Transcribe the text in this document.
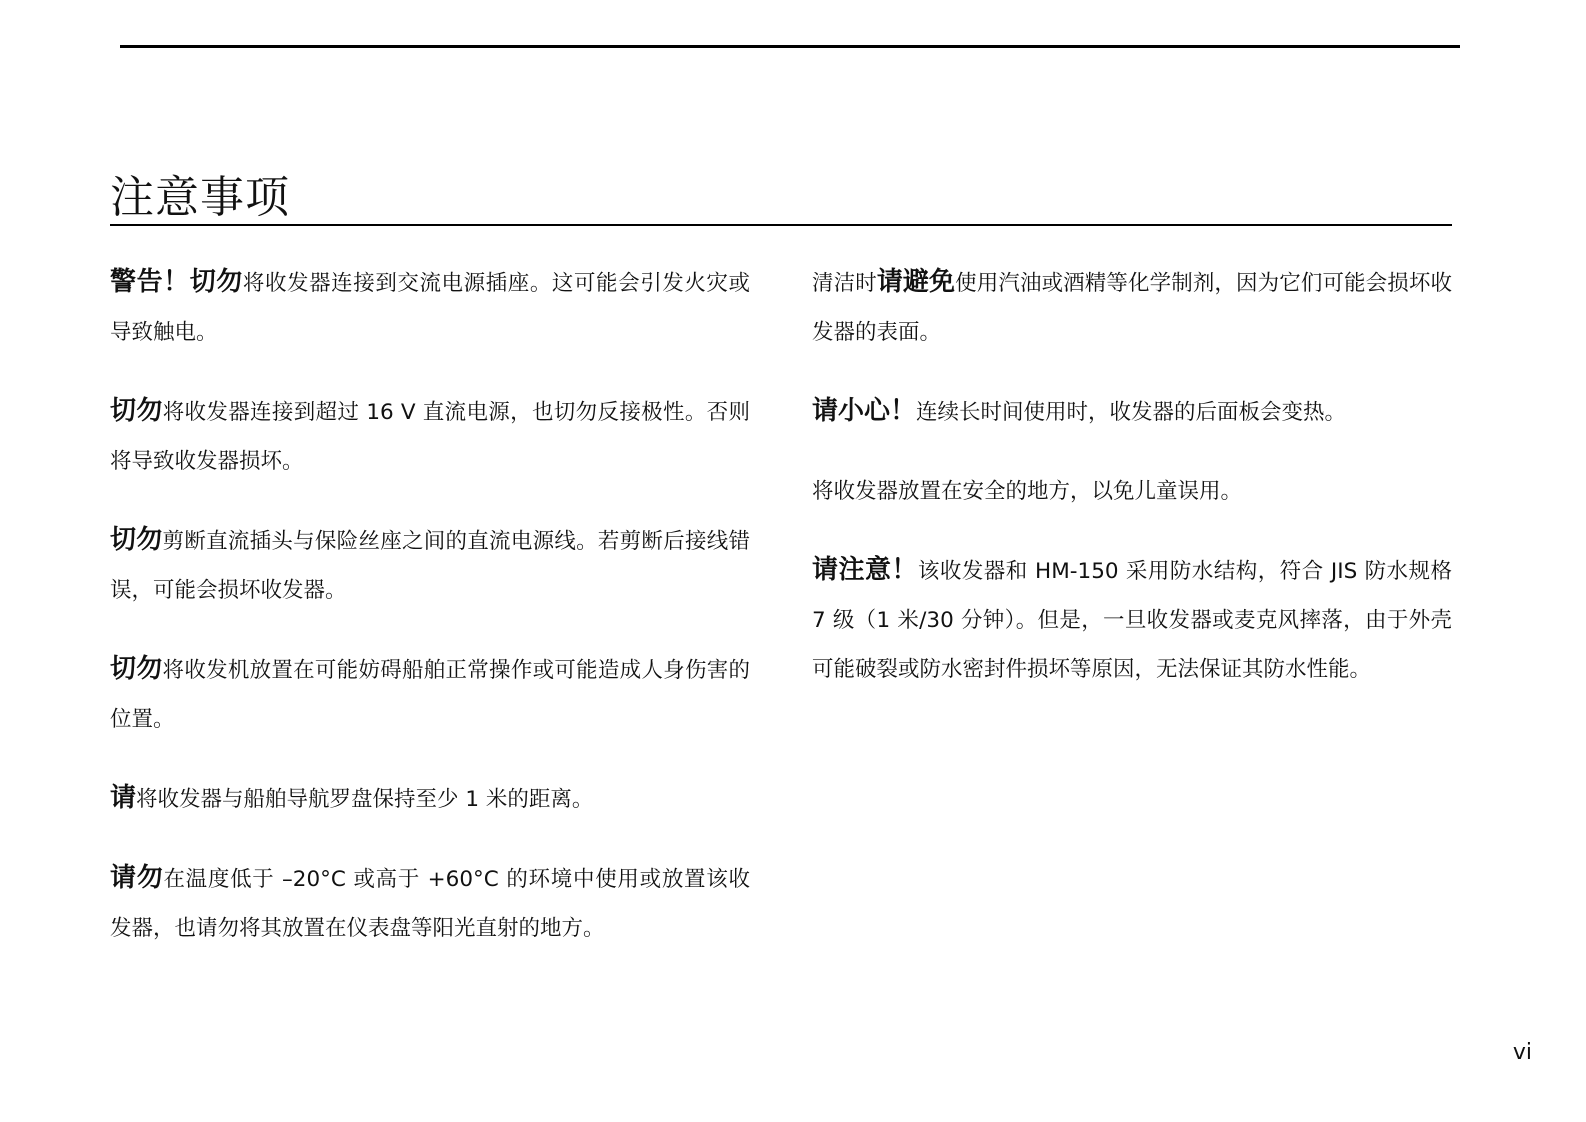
注意事项

警告！切勿将收发器连接到交流电源插座。这可能会引发火灾或导致触电。

切勿将收发器连接到超过 16 V 直流电源，也切勿反接极性。否则将导致收发器损坏。

切勿剪断直流插头与保险丝座之间的直流电源线。若剪断后接线错误，可能会损坏收发器。

切勿将收发机放置在可能妨碍船舶正常操作或可能造成人身伤害的位置。

请将收发器与船舶导航罗盘保持至少 1 米的距离。

请勿在温度低于 –20°C 或高于 +60°C 的环境中使用或放置该收发器，也请勿将其放置在仪表盘等阳光直射的地方。

清洁时请避免使用汽油或酒精等化学制剂，因为它们可能会损坏收发器的表面。

请小心！连续长时间使用时，收发器的后面板会变热。

将收发器放置在安全的地方，以免儿童误用。

请注意！该收发器和 HM-150 采用防水结构，符合 JIS 防水规格 7 级（1 米/30 分钟）。但是，一旦收发器或麦克风摔落，由于外壳可能破裂或防水密封件损坏等原因，无法保证其防水性能。

vi
